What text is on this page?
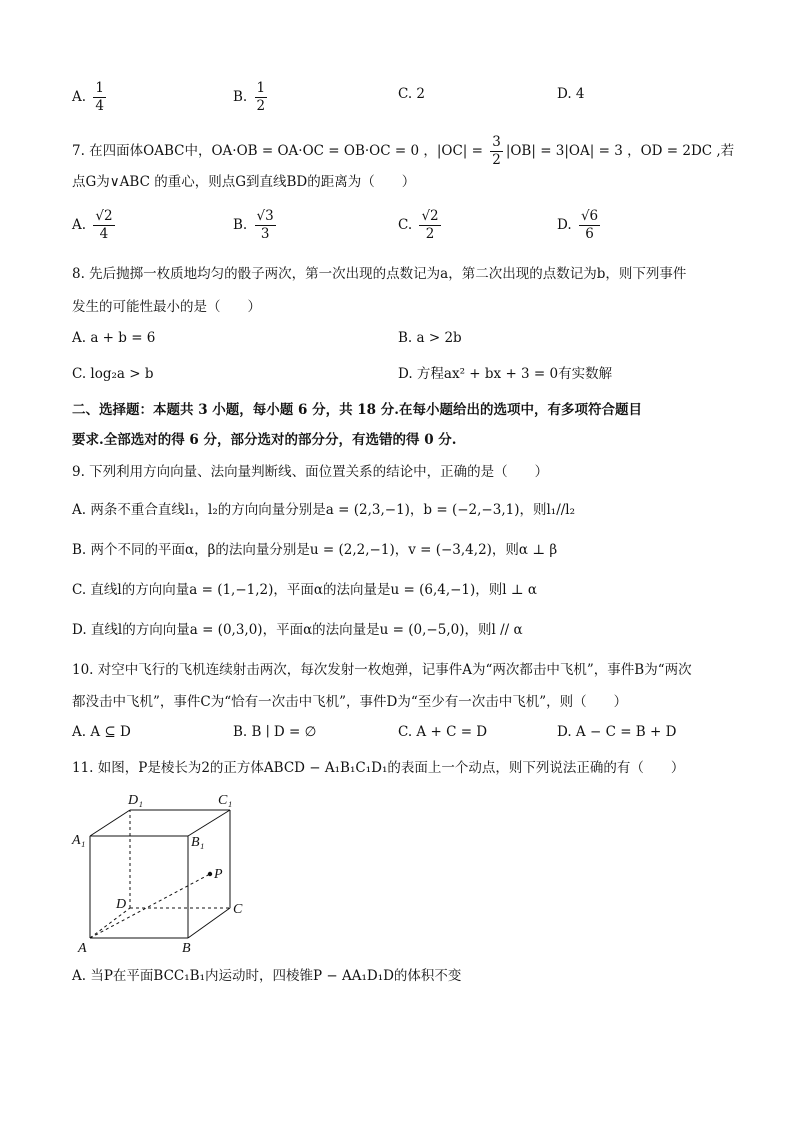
A. $\frac{1}{4}$	B. $\frac{1}{2}$	C. 2	D. 4
7. 在四面体OABC中，OA·OB = OA·OC = OB·OC = 0 ，$|OC| = \frac{3}{2} |OB| = 3|OA| = 3$ ，OD = 2DC ,若
点G为∨ABC 的重心，则点G到直线BD的距离为（　　）
A. $\frac{√2}{4}$	B. $\frac{√3}{3}$	C. $\frac{√2}{2}$	D. $\frac{√6}{6}$
8. 先后抛掷一枚质地均匀的骰子两次，第一次出现的点数记为a，第二次出现的点数记为b，则下列事件
发生的可能性最小的是（　　）
A. a + b = 6	B. a > 2b
C. log₂a > b	D. 方程ax² + bx + 3 = 0有实数解
二、选择题：本题共 3 小题，每小题 6 分，共 18 分.在每小题给出的选项中，有多项符合题目
要求.全部选对的得 6 分，部分选对的部分分，有选错的得 0 分.
9. 下列利用方向向量、法向量判断线、面位置关系的结论中，正确的是（　　）
A. 两条不重合直线l₁，l₂的方向向量分别是a = (2,3,−1)，b = (−2,−3,1)，则l₁//l₂
B. 两个不同的平面α，β的法向量分别是u = (2,2,−1)，v = (−3,4,2)，则α ⊥ β
C. 直线l的方向向量a = (1,−1,2)，平面α的法向量是u = (6,4,−1)，则l ⊥ α
D. 直线l的方向向量a = (0,3,0)，平面α的法向量是u = (0,−5,0)，则l // α
10. 对空中飞行的飞机连续射击两次，每次发射一枚炮弹，记事件A为“两次都击中飞机”，事件B为“两次
都没击中飞机”，事件C为“恰有一次击中飞机”，事件D为“至少有一次击中飞机”，则（　　）
A. A ⊆ D	B. B ∣ D = ∅	C. A + C = D	D. A − C = B + D
11. 如图，P是棱长为2的正方体ABCD − A₁B₁C₁D₁的表面上一个动点，则下列说法正确的有（　　）
A	B
C
D
A₁	B₁
C₁
D₁
P
A. 当P在平面BCC₁B₁内运动时，四棱锥P − AA₁D₁D的体积不变
